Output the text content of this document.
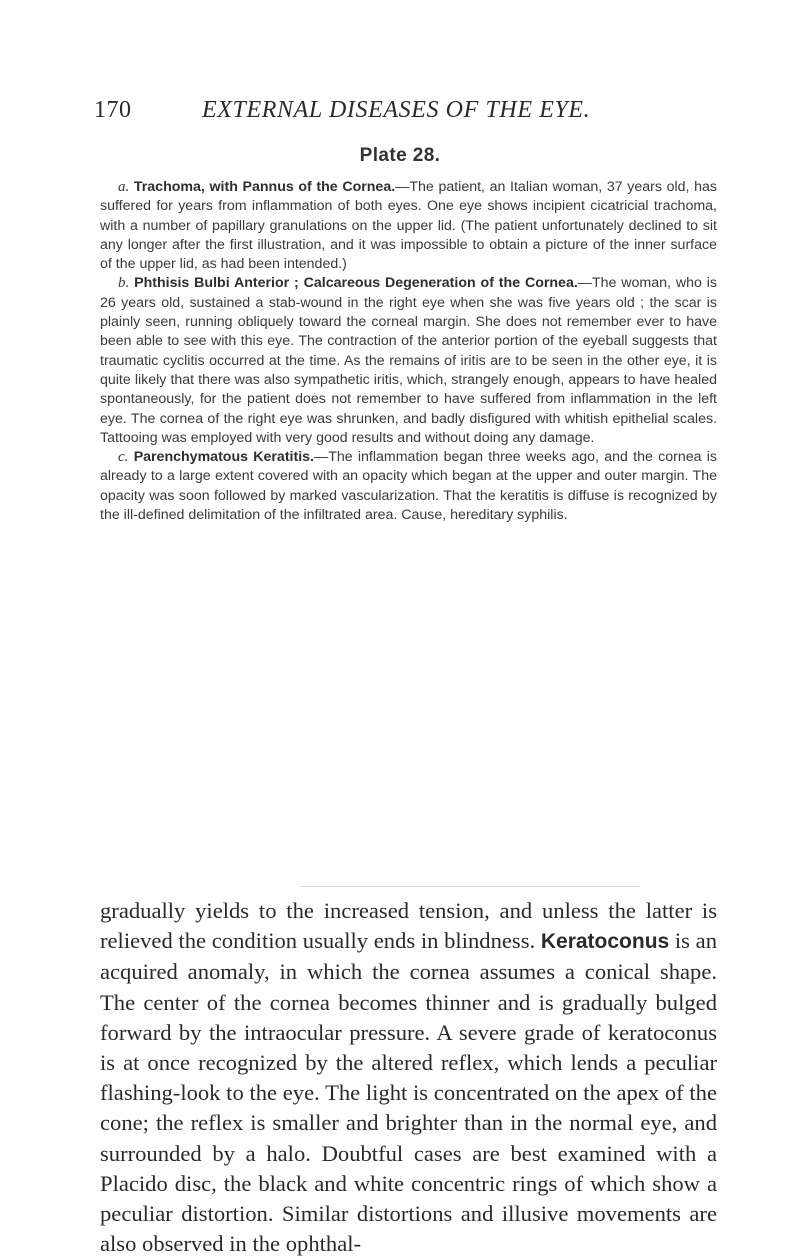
170	EXTERNAL DISEASES OF THE EYE.
Plate 28.

a. Trachoma, with Pannus of the Cornea.—The patient, an Italian woman, 37 years old, has suffered for years from inflammation of both eyes. One eye shows incipient cicatricial trachoma, with a number of papillary granulations on the upper lid. (The patient unfortunately declined to sit any longer after the first illustration, and it was impossible to obtain a picture of the inner surface of the upper lid, as had been intended.)

b. Phthisis Bulbi Anterior ; Calcareous Degeneration of the Cornea.—The woman, who is 26 years old, sustained a stab-wound in the right eye when she was five years old ; the scar is plainly seen, running obliquely toward the corneal margin. She does not remember ever to have been able to see with this eye. The contraction of the anterior portion of the eyeball suggests that traumatic cyclitis occurred at the time. As the remains of iritis are to be seen in the other eye, it is quite likely that there was also sympathetic iritis, which, strangely enough, appears to have healed spontaneously, for the patient does not remember to have suffered from inflammation in the left eye. The cornea of the right eye was shrunken, and badly disfigured with whitish epithelial scales. Tattooing was employed with very good results and without doing any damage.

c. Parenchymatous Keratitis.—The inflammation began three weeks ago, and the cornea is already to a large extent covered with an opacity which began at the upper and outer margin. The opacity was soon followed by marked vascularization. That the keratitis is diffuse is recognized by the ill-defined delimitation of the infiltrated area. Cause, hereditary syphilis.

gradually yields to the increased tension, and unless the latter is relieved the condition usually ends in blindness. Keratoconus is an acquired anomaly, in which the cornea assumes a conical shape. The center of the cornea becomes thinner and is gradually bulged forward by the intraocular pressure. A severe grade of keratoconus is at once recognized by the altered reflex, which lends a peculiar flashing-look to the eye. The light is concentrated on the apex of the cone; the reflex is smaller and brighter than in the normal eye, and surrounded by a halo. Doubtful cases are best examined with a Placido disc, the black and white concentric rings of which show a peculiar distortion. Similar distortions and illusive movements are also observed in the ophthal-
